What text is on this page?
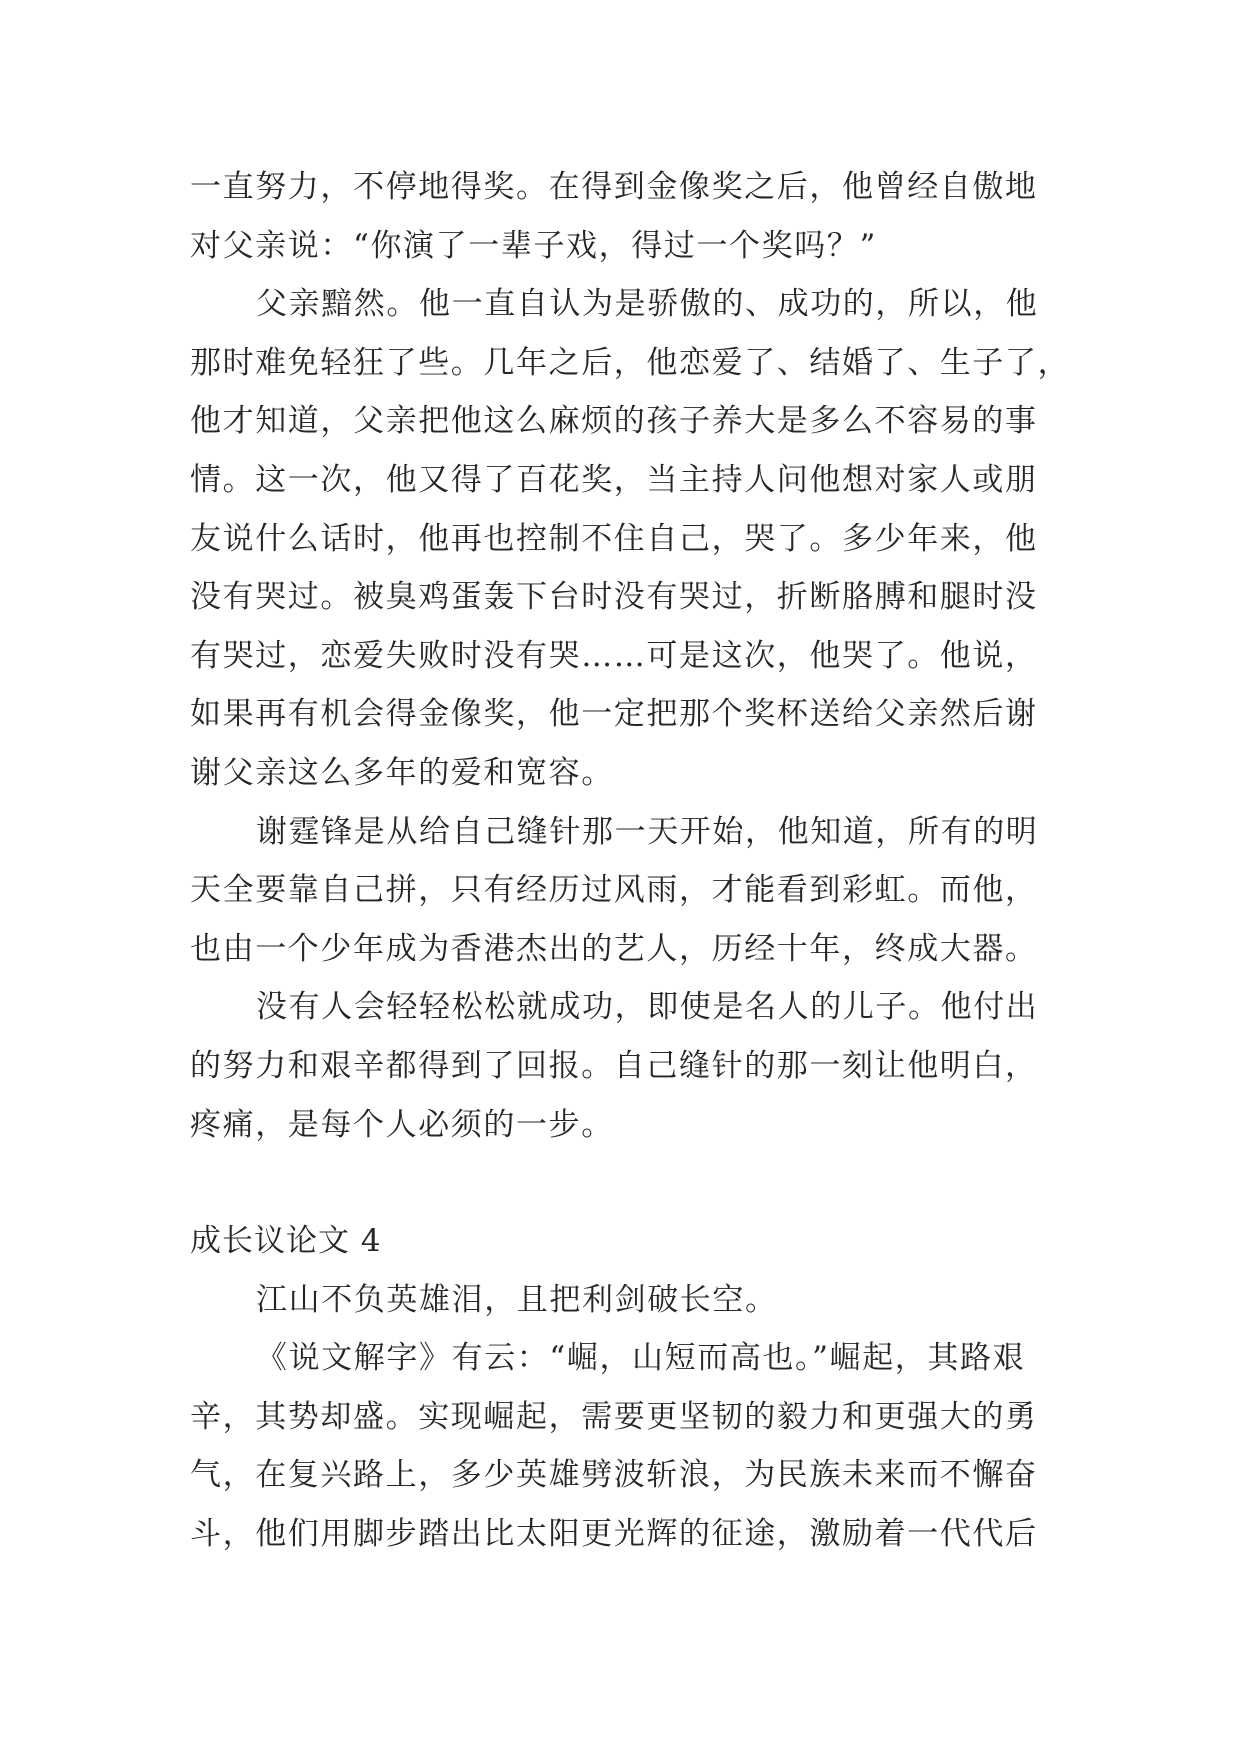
一直努力，不停地得奖。在得到金像奖之后，他曾经自傲地
对父亲说：“你演了一辈子戏，得过一个奖吗？”
父亲黯然。他一直自认为是骄傲的、成功的，所以，他
那时难免轻狂了些。几年之后，他恋爱了、结婚了、生子了，
他才知道，父亲把他这么麻烦的孩子养大是多么不容易的事
情。这一次，他又得了百花奖，当主持人问他想对家人或朋
友说什么话时，他再也控制不住自己，哭了。多少年来，他
没有哭过。被臭鸡蛋轰下台时没有哭过，折断胳膊和腿时没
有哭过，恋爱失败时没有哭……可是这次，他哭了。他说，
如果再有机会得金像奖，他一定把那个奖杯送给父亲然后谢
谢父亲这么多年的爱和宽容。
谢霆锋是从给自己缝针那一天开始，他知道，所有的明
天全要靠自己拼，只有经历过风雨，才能看到彩虹。而他，
也由一个少年成为香港杰出的艺人，历经十年，终成大器。
没有人会轻轻松松就成功，即使是名人的儿子。他付出
的努力和艰辛都得到了回报。自己缝针的那一刻让他明白，
疼痛，是每个人必须的一步。
成长议论文 4
江山不负英雄泪，且把利剑破长空。
《说文解字》有云：“崛，山短而高也。”崛起，其路艰
辛，其势却盛。实现崛起，需要更坚韧的毅力和更强大的勇
气，在复兴路上，多少英雄劈波斩浪，为民族未来而不懈奋
斗，他们用脚步踏出比太阳更光辉的征途，激励着一代代后
